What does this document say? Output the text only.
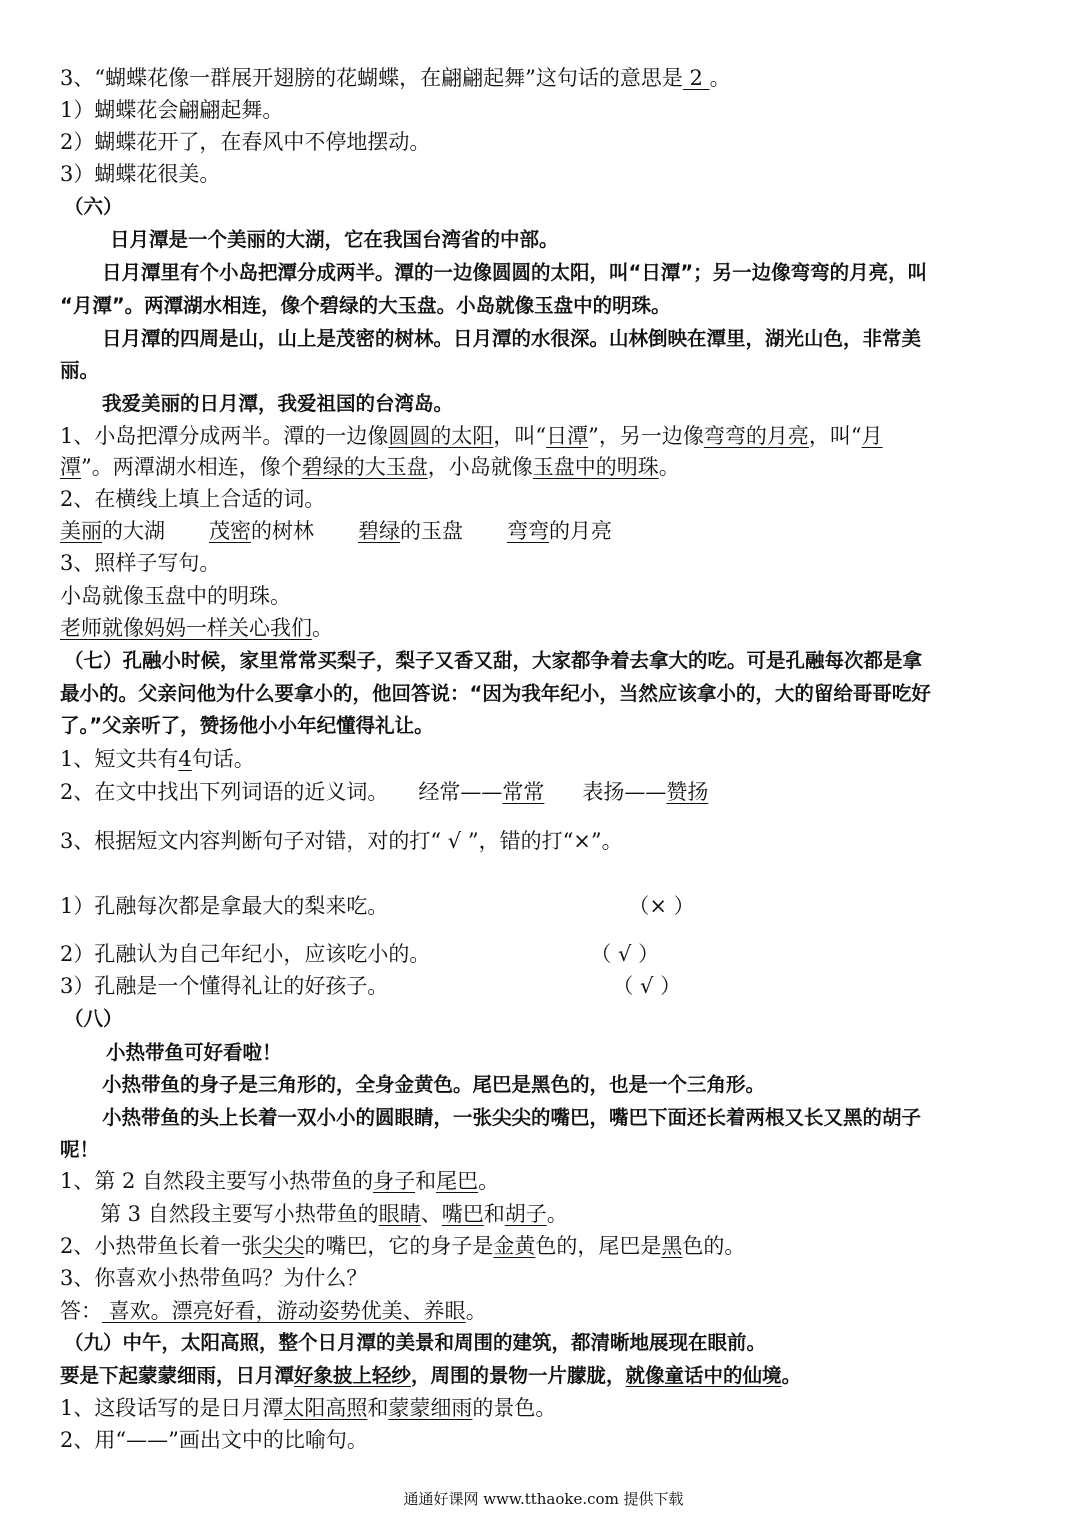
3、“蝴蝶花像一群展开翅膀的花蝴蝶，在翩翩起舞”这句话的意思是 2 。
1）蝴蝶花会翩翩起舞。
2）蝴蝶花开了，在春风中不停地摆动。
3）蝴蝶花很美。
（六）
日月潭是一个美丽的大湖，它在我国台湾省的中部。
日月潭里有个小岛把潭分成两半。潭的一边像圆圆的太阳，叫“日潭”；另一边像弯弯的月亮，叫
“月潭”。两潭湖水相连，像个碧绿的大玉盘。小岛就像玉盘中的明珠。
日月潭的四周是山，山上是茂密的树林。日月潭的水很深。山林倒映在潭里，湖光山色，非常美
丽。
我爱美丽的日月潭，我爱祖国的台湾岛。
1、小岛把潭分成两半。潭的一边像圆圆的太阳，叫“日潭”，另一边像弯弯的月亮，叫“月
潭”。两潭湖水相连，像个碧绿的大玉盘，小岛就像玉盘中的明珠。
2、在横线上填上合适的词。
美丽的大湖 茂密的树林 碧绿的玉盘 弯弯的月亮
3、照样子写句。
小岛就像玉盘中的明珠。
老师就像妈妈一样关心我们。
（七）孔融小时候，家里常常买梨子，梨子又香又甜，大家都争着去拿大的吃。可是孔融每次都是拿
最小的。父亲问他为什么要拿小的，他回答说：“因为我年纪小，当然应该拿小的，大的留给哥哥吃好
了。”父亲听了，赞扬他小小年纪懂得礼让。
1、短文共有4句话。
2、在文中找出下列词语的近义词。 经常——常常 表扬——赞扬
3、根据短文内容判断句子对错，对的打“ √ ”，错的打“×”。
1）孔融每次都是拿最大的梨来吃。	（× ）
2）孔融认为自己年纪小，应该吃小的。	（ √ ）
3）孔融是一个懂得礼让的好孩子。	（ √ ）
（八）
小热带鱼可好看啦！
小热带鱼的身子是三角形的，全身金黄色。尾巴是黑色的，也是一个三角形。
小热带鱼的头上长着一双小小的圆眼睛，一张尖尖的嘴巴，嘴巴下面还长着两根又长又黑的胡子
呢！
1、第 2 自然段主要写小热带鱼的身子和尾巴。
第 3 自然段主要写小热带鱼的眼睛、嘴巴和胡子。
2、小热带鱼长着一张尖尖的嘴巴，它的身子是金黄色的，尾巴是黑色的。
3、你喜欢小热带鱼吗？为什么？
答： 喜欢。漂亮好看，游动姿势优美、养眼。
（九）中午，太阳高照，整个日月潭的美景和周围的建筑，都清晰地展现在眼前。
要是下起蒙蒙细雨，日月潭好象披上轻纱，周围的景物一片朦胧，就像童话中的仙境。
1、这段话写的是日月潭太阳高照和蒙蒙细雨的景色。
2、用“——”画出文中的比喻句。
通通好课网 www.tthaoke.com 提供下载
